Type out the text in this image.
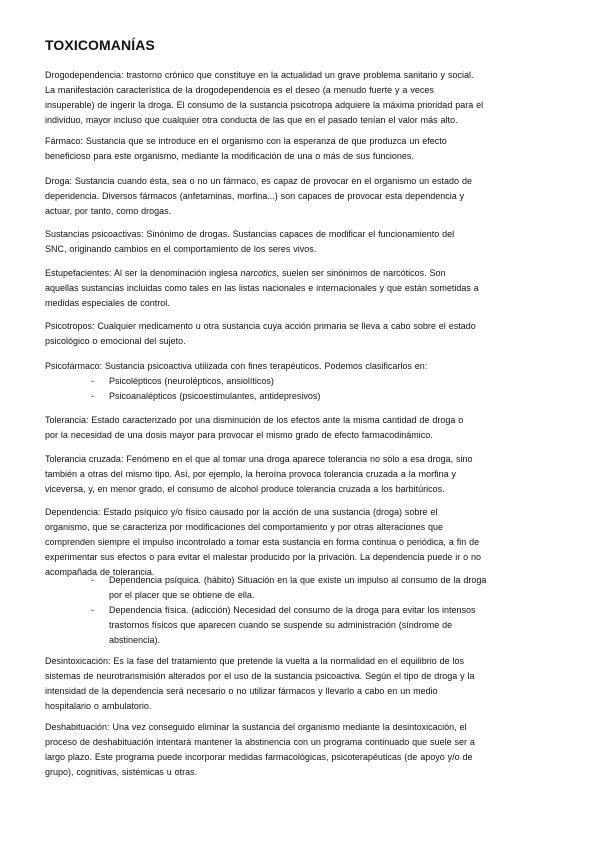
TOXICOMANÍAS
Drogodependencia: trastorno crónico que constituye en la actualidad un grave problema sanitario y social.
La manifestación característica de la drogodependencia es el deseo (a menudo fuerte y a veces
insuperable) de ingerir la droga. El consumo de la sustancia psicotropa adquiere la máxima prioridad para el
individuo, mayor incluso que cualquier otra conducta de las que en el pasado tenían el valor más alto.
Fármaco: Sustancia que se introduce en el organismo con la esperanza de que produzca un efecto
beneficioso para este organismo, mediante la modificación de una o más de sus funciones.
Droga: Sustancia cuando ésta, sea o no un fármaco, es capaz de provocar en el organismo un estado de
dependencia. Diversos fármacos (anfetaminas, morfina...) son capaces de provocar esta dependencia y
actuar, por tanto, como drogas.
Sustancias psicoactivas: Sinónimo de drogas. Sustancias capaces de modificar el funcionamiento del
SNC, originando cambios en el comportamiento de los seres vivos.
Estupefacientes: Al ser la denominación inglesa narcotics, suelen ser sinónimos de narcóticos. Son
aquellas sustancias incluidas como tales en las listas nacionales e internacionales y que están sometidas a
medidas especiales de control.
Psicotropos: Cualquier medicamento u otra sustancia cuya acción primaria se lleva a cabo sobre el estado
psicológico o emocional del sujeto.
Psicofármaco: Sustancia psicoactiva utilizada con fines terapéuticos. Podemos clasificarlos en:
- Psicolépticos (neurolépticos, ansiolíticos)
- Psicoanalépticos (psicoestimulantes, antidepresivos)
Tolerancia: Estado caracterizado por una disminución de los efectos ante la misma cantidad de droga o
por la necesidad de una dosis mayor para provocar el mismo grado de efecto farmacodinámico.
Tolerancia cruzada: Fenómeno en el que al tomar una droga aparece tolerancia no sólo a esa droga, sino
también a otras del mismo tipo. Así, por ejemplo, la heroína provoca tolerancia cruzada a la morfina y
viceversa, y, en menor grado, el consumo de alcohol produce tolerancia cruzada a los barbitúricos.
Dependencia: Estado psíquico y/o físico causado por la acción de una sustancia (droga) sobre el
organismo, que se caracteriza por modificaciones del comportamiento y por otras alteraciones que
comprenden siempre el impulso incontrolado a tomar esta sustancia en forma continua o periódica, a fin de
experimentar sus efectos o para evitar el malestar producido por la privación. La dependencia puede ir o no
acompañada de tolerancia.
- Dependencia psíquica. (hábito) Situación en la que existe un impulso al consumo de la droga
por el placer que se obtiene de ella.
- Dependencia física. (adicción) Necesidad del consumo de la droga para evitar los intensos
trastornos físicos que aparecen cuando se suspende su administración (síndrome de
abstinencia).
Desintoxicación: Es la fase del tratamiento que pretende la vuelta a la normalidad en el equilibrio de los
sistemas de neurotransmisión alterados por el uso de la sustancia psicoactiva. Según el tipo de droga y la
intensidad de la dependencia será necesario o no utilizar fármacos y llevarlo a cabo en un medio
hospitalario o ambulatorio.
Deshabituación: Una vez conseguido eliminar la sustancia del organismo mediante la desintoxicación, el
proceso de deshabituación intentará mantener la abstinencia con un programa continuado que suele ser a
largo plazo. Este programa puede incorporar medidas farmacológicas, psicoterapéuticas (de apoyo y/o de
grupo), cognitivas, sistémicas u otras.
